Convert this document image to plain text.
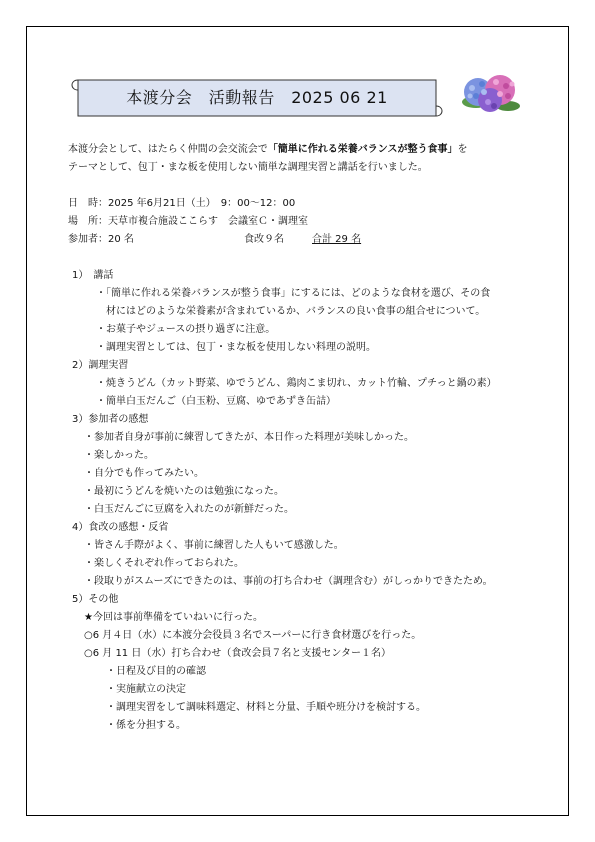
本渡分会　活動報告　2025 06 21
本渡分会として、はたらく仲間の会交流会で「簡単に作れる栄養バランスが整う食事」を
テーマとして、包丁・まな板を使用しない簡単な調理実習と講話を行いました。
日　時：2025 年6月21日（土）　9：00～12：00
場　所：天草市複合施設ここらす　会議室Ｃ・調理室
参加者：20 名	食改９名	合計 29 名
1）　講話
・「簡単に作れる栄養バランスが整う食事」にするには、どのような食材を選び、その食
材にはどのような栄養素が含まれているか、バランスの良い食事の組合せについて。
・お菓子やジュースの摂り過ぎに注意。
・調理実習としては、包丁・まな板を使用しない料理の説明。
2）調理実習
・焼きうどん（カット野菜、ゆでうどん、鶏肉こま切れ、カット竹輪、プチっと鍋の素）
・簡単白玉だんご（白玉粉、豆腐、ゆであずき缶詰）
3）参加者の感想
・参加者自身が事前に練習してきたが、本日作った料理が美味しかった。
・楽しかった。
・自分でも作ってみたい。
・最初にうどんを焼いたのは勉強になった。
・白玉だんごに豆腐を入れたのが新鮮だった。
4）食改の感想・反省
・皆さん手際がよく、事前に練習した人もいて感激した。
・楽しくそれぞれ作っておられた。
・段取りがスムーズにできたのは、事前の打ち合わせ（調理含む）がしっかりできたため。
5）その他
★今回は事前準備をていねいに行った。
○6 月４日（水）に本渡分会役員３名でスーパーに行き食材選びを行った。
○6 月 11 日（水）打ち合わせ（食改会員７名と支援センター１名）
・日程及び目的の確認
・実施献立の決定
・調理実習をして調味料選定、材料と分量、手順や班分けを検討する。
・係を分担する。
